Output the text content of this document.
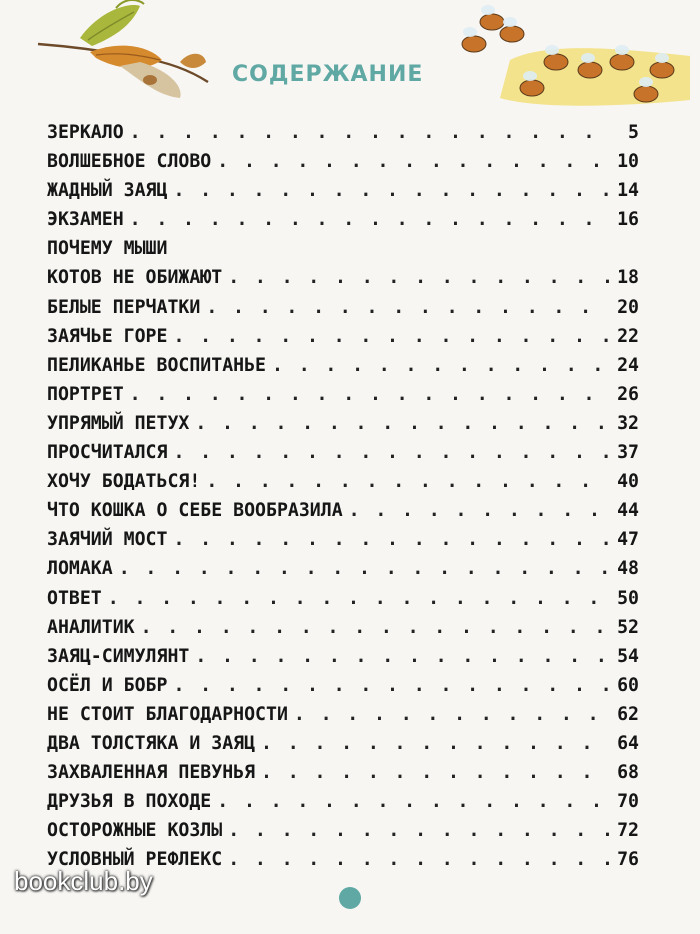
СОДЕРЖАНИЕ
ЗЕРКАЛО . . .	5
ВОЛШЕБНОЕ СЛОВО . . .	10
ЖАДНЫЙ ЗАЯЦ . . .	14
ЭКЗАМЕН . . .	16
ПОЧЕМУ МЫШИ
КОТОВ НЕ ОБИЖАЮТ . . .	18
БЕЛЫЕ ПЕРЧАТКИ . . .	20
ЗАЯЧЬЕ ГОРЕ . . .	22
ПЕЛИКАНЬЕ ВОСПИТАНЬЕ . . .	24
ПОРТРЕТ . . .	26
УПРЯМЫЙ ПЕТУХ . . .	32
ПРОСЧИТАЛСЯ . . .	37
ХОЧУ БОДАТЬСЯ! . . .	40
ЧТО КОШКА О СЕБЕ ВООБРАЗИЛА . . .	44
ЗАЯЧИЙ МОСТ . . .	47
ЛОМАКА . . .	48
ОТВЕТ . . .	50
АНАЛИТИК . . .	52
ЗАЯЦ-СИМУЛЯНТ . . .	54
ОСЁЛ И БОБР . . .	60
НЕ СТОИТ БЛАГОДАРНОСТИ . . .	62
ДВА ТОЛСТЯКА И ЗАЯЦ . . .	64
ЗАХВАЛЕННАЯ ПЕВУНЬЯ . . .	68
ДРУЗЬЯ В ПОХОДЕ . . .	70
ОСТОРОЖНЫЕ КОЗЛЫ . . .	72
УСЛОВНЫЙ РЕФЛЕКС . . .	76
bookclub.by
